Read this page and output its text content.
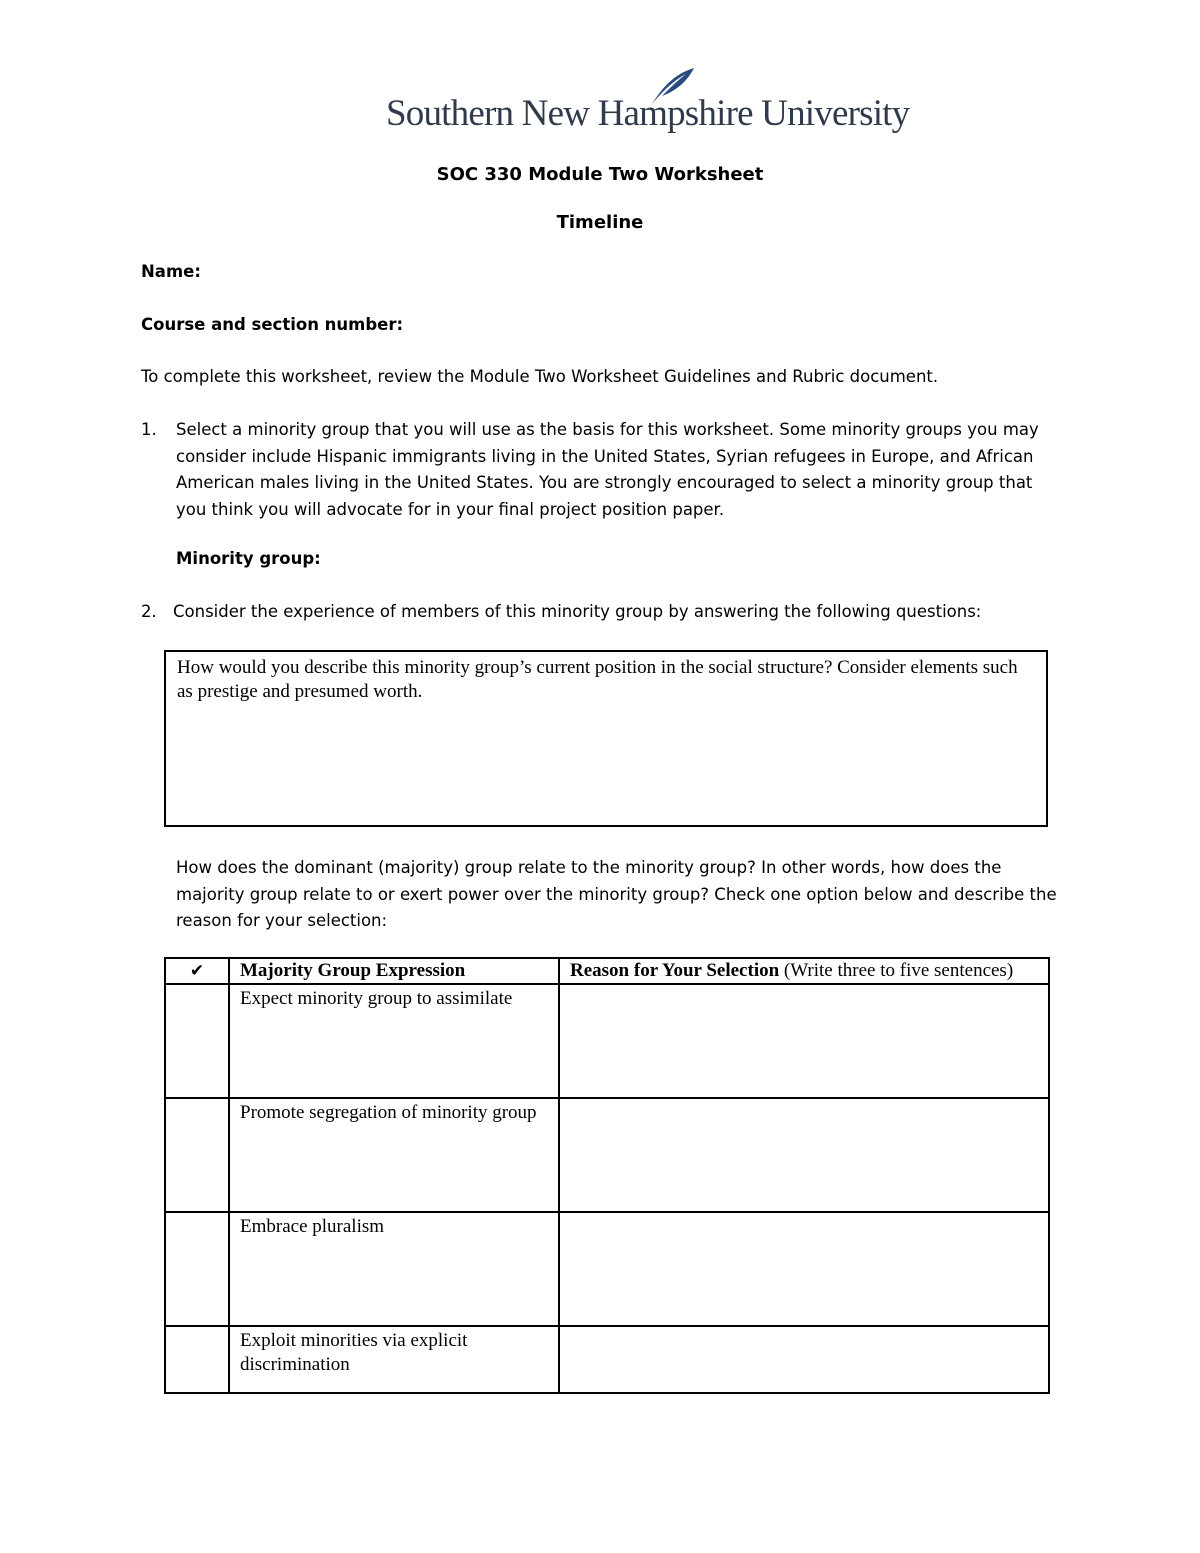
Southern New Hampshire University
SOC 330 Module Two Worksheet
Timeline
Name:
Course and section number:
To complete this worksheet, review the Module Two Worksheet Guidelines and Rubric document.
1. Select a minority group that you will use as the basis for this worksheet. Some minority groups you may consider include Hispanic immigrants living in the United States, Syrian refugees in Europe, and African American males living in the United States. You are strongly encouraged to select a minority group that you think you will advocate for in your final project position paper.
Minority group:
2. Consider the experience of members of this minority group by answering the following questions:
How would you describe this minority group’s current position in the social structure? Consider elements such as prestige and presumed worth.
How does the dominant (majority) group relate to the minority group? In other words, how does the majority group relate to or exert power over the minority group? Check one option below and describe the reason for your selection:
✔	Majority Group Expression	Reason for Your Selection (Write three to five sentences)
	Expect minority group to assimilate	
	Promote segregation of minority group	
	Embrace pluralism	
	Exploit minorities via explicit discrimination	
